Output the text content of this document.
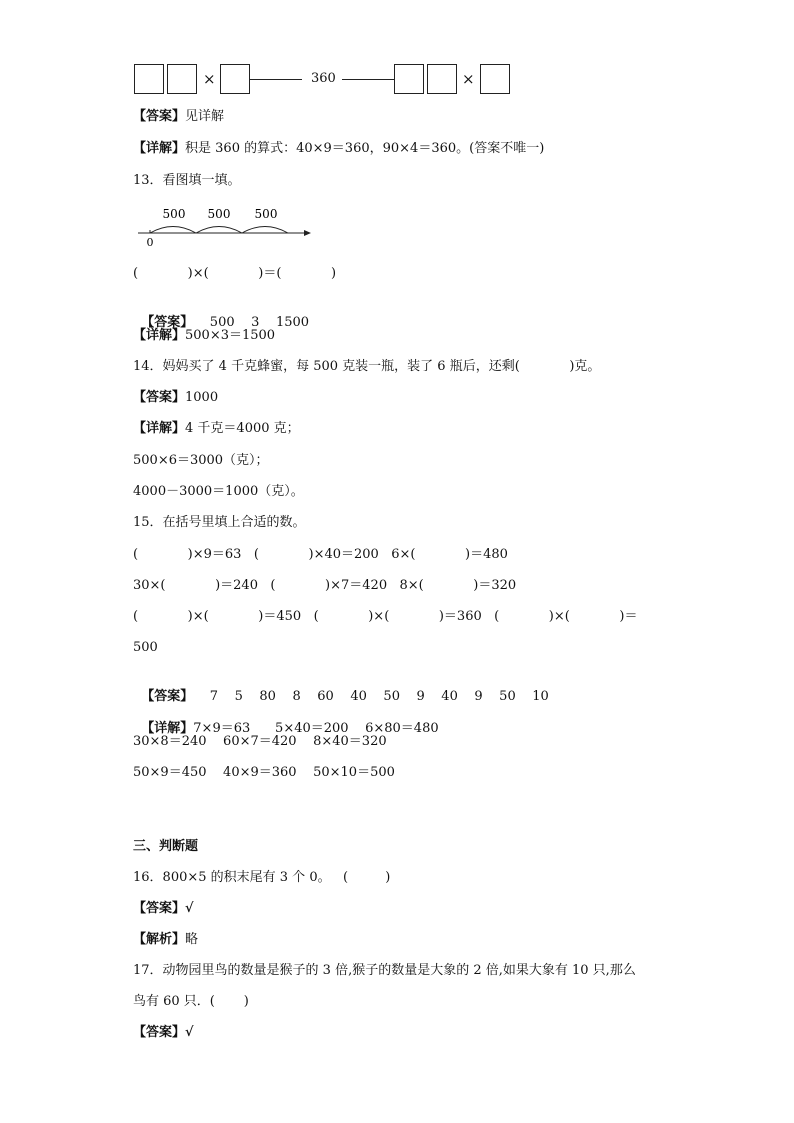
×	360	×
【答案】见详解
【详解】积是 360 的算式：40×9＝360，90×4＝360。(答案不唯一)
13．看图填一填。
500 500 500
0
(            )×(            )＝(            )

【答案】    500    3    1500

【详解】500×3＝1500
14．妈妈买了 4 千克蜂蜜，每 500 克装一瓶，装了 6 瓶后，还剩(            )克。
【答案】1000
【详解】4 千克＝4000 克；
500×6＝3000（克）；
4000－3000＝1000（克）。
15．在括号里填上合适的数。
(            )×9＝63   (            )×40＝200   6×(            )＝480
30×(            )＝240   (            )×7＝420   8×(            )＝320
(            )×(            )＝450   (            )×(            )＝360   (            )×(            )＝
500

【答案】    7    5    80    8    60    40    50    9    40    9    50    10

【详解】7×9＝63      5×40＝200    6×80＝480

30×8＝240    60×7＝420    8×40＝320
50×9＝450    40×9＝360    50×10＝500
三、判断题
16．800×5 的积末尾有 3 个 0。   (         )
【答案】√
【解析】略
17．动物园里鸟的数量是猴子的 3 倍,猴子的数量是大象的 2 倍,如果大象有 10 只,那么
鸟有 60 只．(       )
【答案】√
